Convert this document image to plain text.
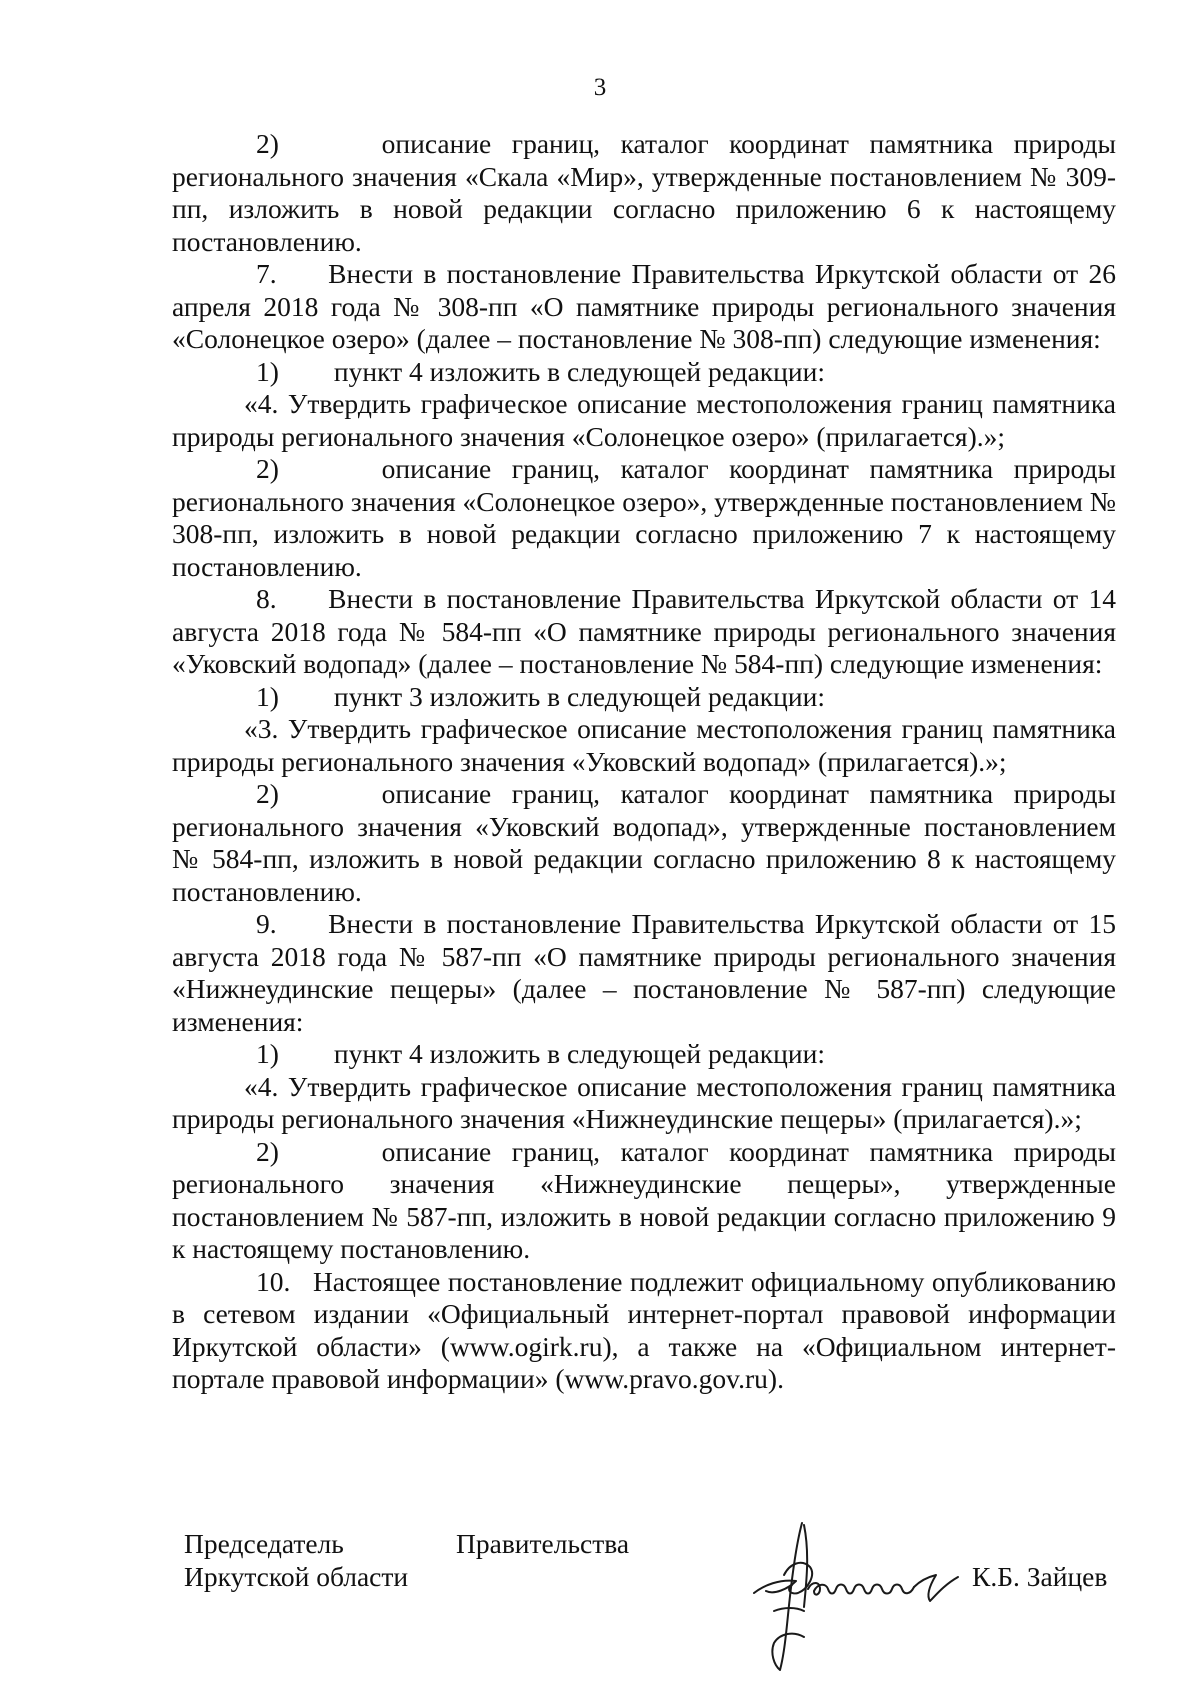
3

2)     описание границ, каталог координат памятника природы регионального значения «Скала «Мир», утвержденные постановлением № 309-пп, изложить в новой редакции согласно приложению 6 к настоящему постановлению.

7.     Внести в постановление Правительства Иркутской области от 26 апреля 2018 года № 308-пп «О памятнике природы регионального значения «Солонецкое озеро» (далее – постановление № 308-пп) следующие изменения:

1)        пункт 4 изложить в следующей редакции:

«4. Утвердить графическое описание местоположения границ памятника природы регионального значения «Солонецкое озеро» (прилагается).»;

2)     описание границ, каталог координат памятника природы регионального значения «Солонецкое озеро», утвержденные постановлением № 308-пп, изложить в новой редакции согласно приложению 7 к настоящему постановлению.

8.     Внести в постановление Правительства Иркутской области от 14 августа 2018 года № 584-пп «О памятнике природы регионального значения «Уковский водопад» (далее – постановление № 584-пп) следующие изменения:

1)        пункт 3 изложить в следующей редакции:

«3. Утвердить графическое описание местоположения границ памятника природы регионального значения «Уковский водопад» (прилагается).»;

2)     описание границ, каталог координат памятника природы регионального значения «Уковский водопад», утвержденные постановлением № 584-пп, изложить в новой редакции согласно приложению 8 к настоящему постановлению.

9.     Внести в постановление Правительства Иркутской области от 15 августа 2018 года № 587-пп «О памятнике природы регионального значения «Нижнеудинские пещеры» (далее – постановление № 587-пп) следующие изменения:

1)        пункт 4 изложить в следующей редакции:

«4. Утвердить графическое описание местоположения границ памятника природы регионального значения «Нижнеудинские пещеры» (прилагается).»;

2)     описание границ, каталог координат памятника природы регионального значения «Нижнеудинские пещеры», утвержденные постановлением № 587-пп, изложить в новой редакции согласно приложению 9 к настоящему постановлению.

10.   Настоящее постановление подлежит официальному опубликованию в сетевом издании «Официальный интернет-портал правовой информации Иркутской области» (www.ogirk.ru), а также на «Официальном интернет-портале правовой информации» (www.pravo.gov.ru).

Председатель	Правительства
Иркутской области	К.Б. Зайцев
